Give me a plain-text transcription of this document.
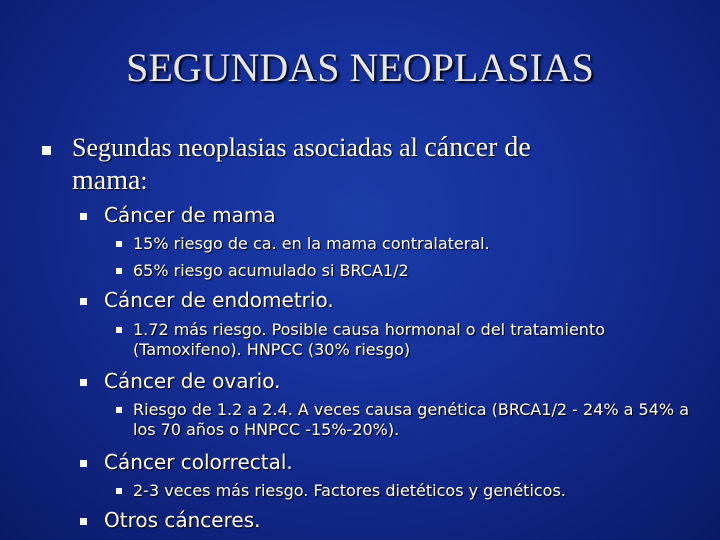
SEGUNDAS NEOPLASIAS
Segundas neoplasias asociadas al cáncer de
mama:
Cáncer de mama
15% riesgo de ca. en la mama contralateral.
65% riesgo acumulado si BRCA1/2
Cáncer de endometrio.
1.72 más riesgo. Posible causa hormonal o del tratamiento (Tamoxifeno). HNPCC (30% riesgo)
Cáncer de ovario.
Riesgo de 1.2 a 2.4. A veces causa genética (BRCA1/2 - 24% a 54% a los 70 años o HNPCC -15%-20%).
Cáncer colorrectal.
2-3 veces más riesgo. Factores dietéticos y genéticos.
Otros cánceres.
